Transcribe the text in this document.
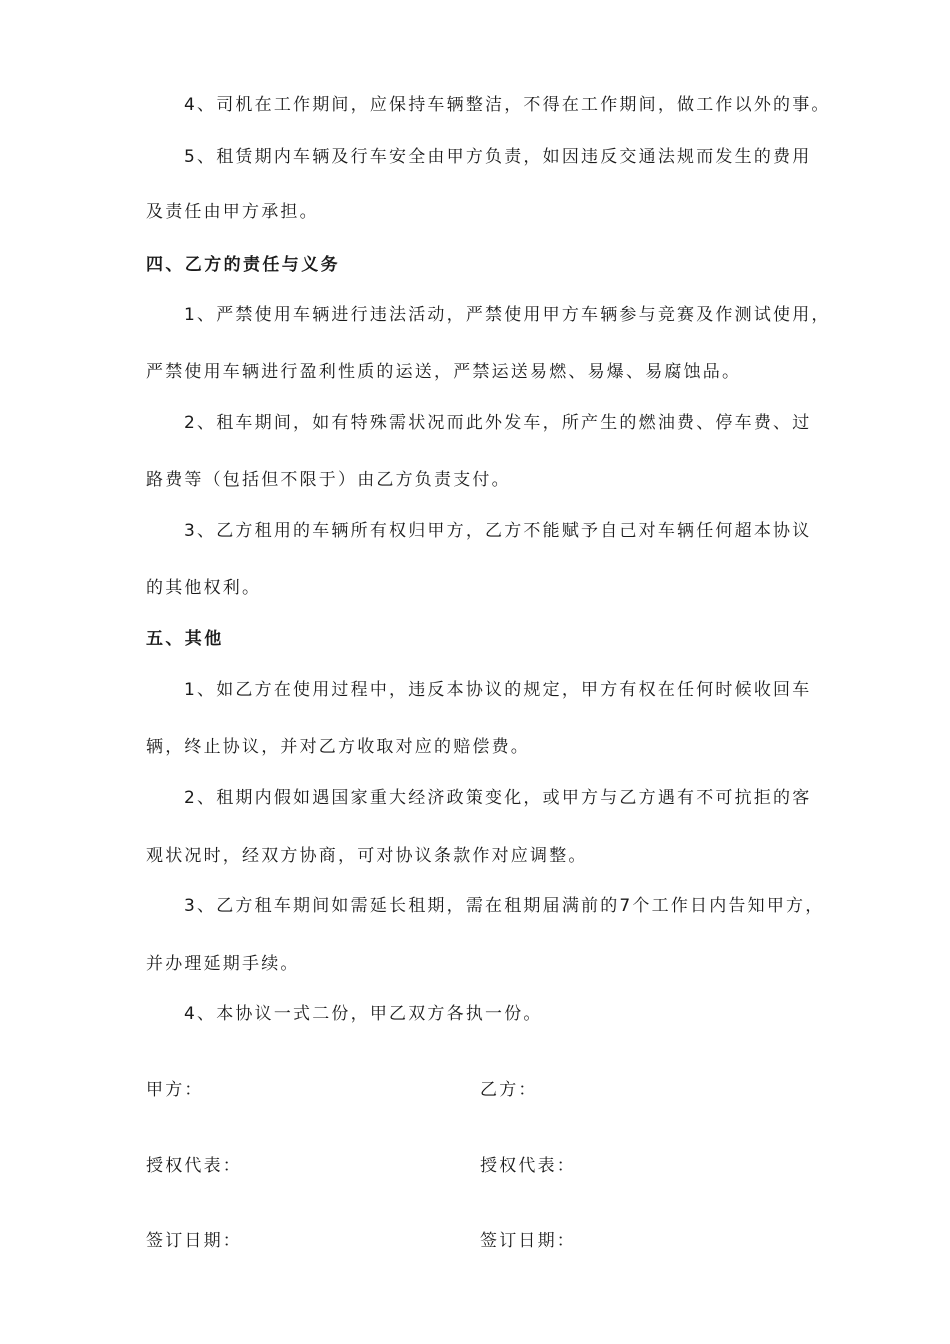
4、司机在工作期间，应保持车辆整洁，不得在工作期间，做工作以外的事。
5、租赁期内车辆及行车安全由甲方负责，如因违反交通法规而发生的费用
及责任由甲方承担。
四、乙方的责任与义务
1、严禁使用车辆进行违法活动，严禁使用甲方车辆参与竞赛及作测试使用，
严禁使用车辆进行盈利性质的运送，严禁运送易燃、易爆、易腐蚀品。
2、租车期间，如有特殊需状况而此外发车，所产生的燃油费、停车费、过
路费等（包括但不限于）由乙方负责支付。
3、乙方租用的车辆所有权归甲方，乙方不能赋予自己对车辆任何超本协议
的其他权利。
五、其他
1、如乙方在使用过程中，违反本协议的规定，甲方有权在任何时候收回车
辆，终止协议，并对乙方收取对应的赔偿费。
2、租期内假如遇国家重大经济政策变化，或甲方与乙方遇有不可抗拒的客
观状况时，经双方协商，可对协议条款作对应调整。
3、乙方租车期间如需延长租期，需在租期届满前的7个工作日内告知甲方，
并办理延期手续。
4、本协议一式二份，甲乙双方各执一份。
甲方：	乙方：
授权代表：	授权代表：
签订日期：	签订日期：
